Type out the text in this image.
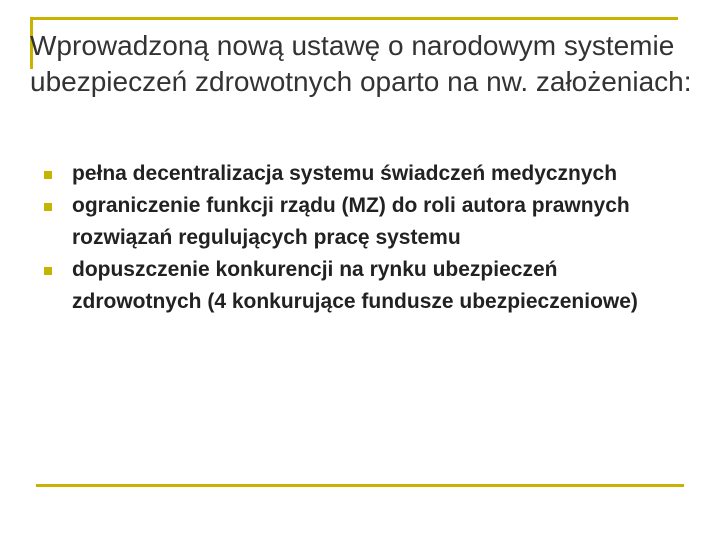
Wprowadzoną nową ustawę o narodowym systemie ubezpieczeń zdrowotnych oparto na nw. założeniach:
pełna decentralizacja systemu świadczeń medycznych
ograniczenie funkcji rządu (MZ) do roli autora prawnych rozwiązań regulujących pracę systemu
dopuszczenie konkurencji na rynku ubezpieczeń zdrowotnych (4 konkurujące fundusze ubezpieczeniowe)
